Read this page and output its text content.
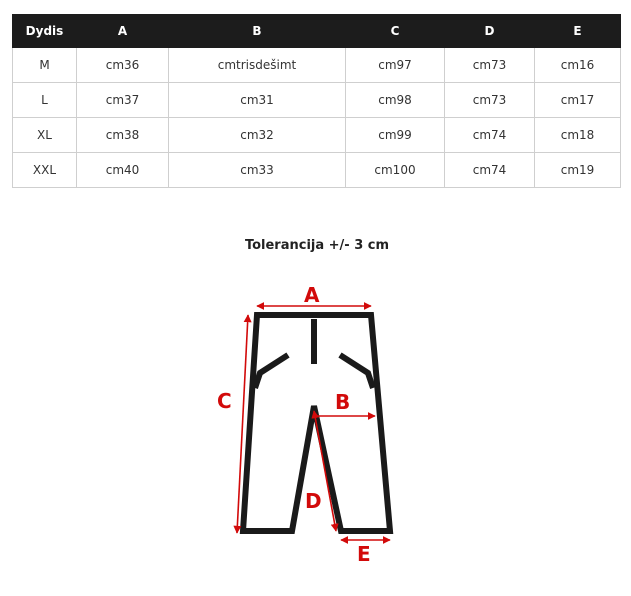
Dydis	A	B	C	D	E
M	cm36	cmtrisdešimt	cm97	cm73	cm16
L	cm37	cm31	cm98	cm73	cm17
XL	cm38	cm32	cm99	cm74	cm18
XXL	cm40	cm33	cm100	cm74	cm19
Tolerancija +/- 3 cm
A
B
C
D
E
